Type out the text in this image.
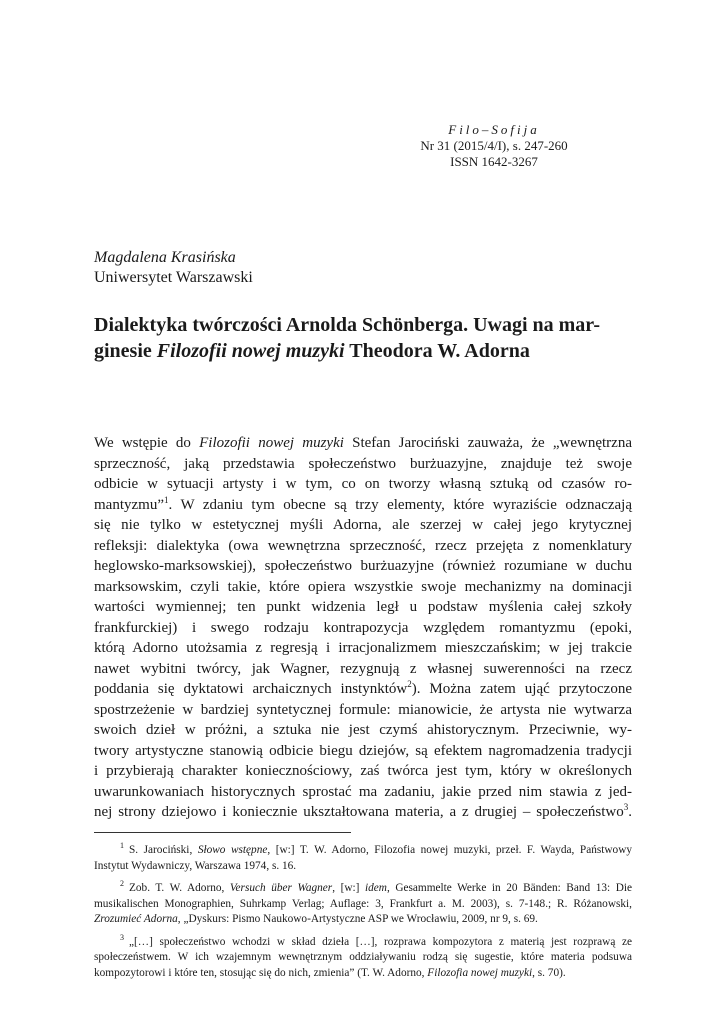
Filo–Sofija
Nr 31 (2015/4/I), s. 247-260
ISSN 1642-3267
Magdalena Krasińska
Uniwersytet Warszawski
Dialektyka twórczości Arnolda Schönberga. Uwagi na mar-
ginesie Filozofii nowej muzyki Theodora W. Adorna
We wstępie do Filozofii nowej muzyki Stefan Jarociński zauważa, że „wewnętrzna
sprzeczność, jaką przedstawia społeczeństwo burżuazyjne, znajduje też swoje
odbicie w sytuacji artysty i w tym, co on tworzy własną sztuką od czasów ro-
mantyzmu”$^1$. W zdaniu tym obecne są trzy elementy, które wyraziście odznaczają
się nie tylko w estetycznej myśli Adorna, ale szerzej w całej jego krytycznej
refleksji: dialektyka (owa wewnętrzna sprzeczność, rzecz przejęta z nomenklatury
heglowsko-marksowskiej), społeczeństwo burżuazyjne (również rozumiane w duchu
marksowskim, czyli takie, które opiera wszystkie swoje mechanizmy na dominacji
wartości wymiennej; ten punkt widzenia legł u podstaw myślenia całej szkoły
frankfurckiej) i swego rodzaju kontrapozycja względem romantyzmu (epoki,
którą Adorno utożsamia z regresją i irracjonalizmem mieszczańskim; w jej trakcie
nawet wybitni twórcy, jak Wagner, rezygnują z własnej suwerenności na rzecz
poddania się dyktatowi archaicznych instynktów$^2$). Można zatem ująć przytoczone
spostrzeżenie w bardziej syntetycznej formule: mianowicie, że artysta nie wytwarza
swoich dzieł w próżni, a sztuka nie jest czymś ahistorycznym. Przeciwnie, wy-
twory artystyczne stanowią odbicie biegu dziejów, są efektem nagromadzenia tradycji
i przybierają charakter koniecznościowy, zaś twórca jest tym, który w określonych
uwarunkowaniach historycznych sprostać ma zadaniu, jakie przed nim stawia z jed-
nej strony dziejowo i koniecznie ukształtowana materia, a z drugiej – społeczeństwo$^3$.
$^1$ S. Jarociński, Słowo wstępne, [w:] T. W. Adorno, Filozofia nowej muzyki, przeł. F. Wayda, Państwowy
Instytut Wydawniczy, Warszawa 1974, s. 16.
$^2$ Zob. T. W. Adorno, Versuch über Wagner, [w:] idem, Gesammelte Werke in 20 Bänden: Band 13: Die
musikalischen Monographien, Suhrkamp Verlag; Auflage: 3, Frankfurt a. M. 2003), s. 7-148.; R. Różanowski,
Zrozumieć Adorna, „Dyskurs: Pismo Naukowo-Artystyczne ASP we Wrocławiu, 2009, nr 9, s. 69.
$^3$ „[…] społeczeństwo wchodzi w skład dzieła […], rozprawa kompozytora z materią jest rozprawą ze
społeczeństwem. W ich wzajemnym wewnętrznym oddziaływaniu rodzą się sugestie, które materia podsuwa
kompozytorowi i które ten, stosując się do nich, zmienia” (T. W. Adorno, Filozofia nowej muzyki, s. 70).
